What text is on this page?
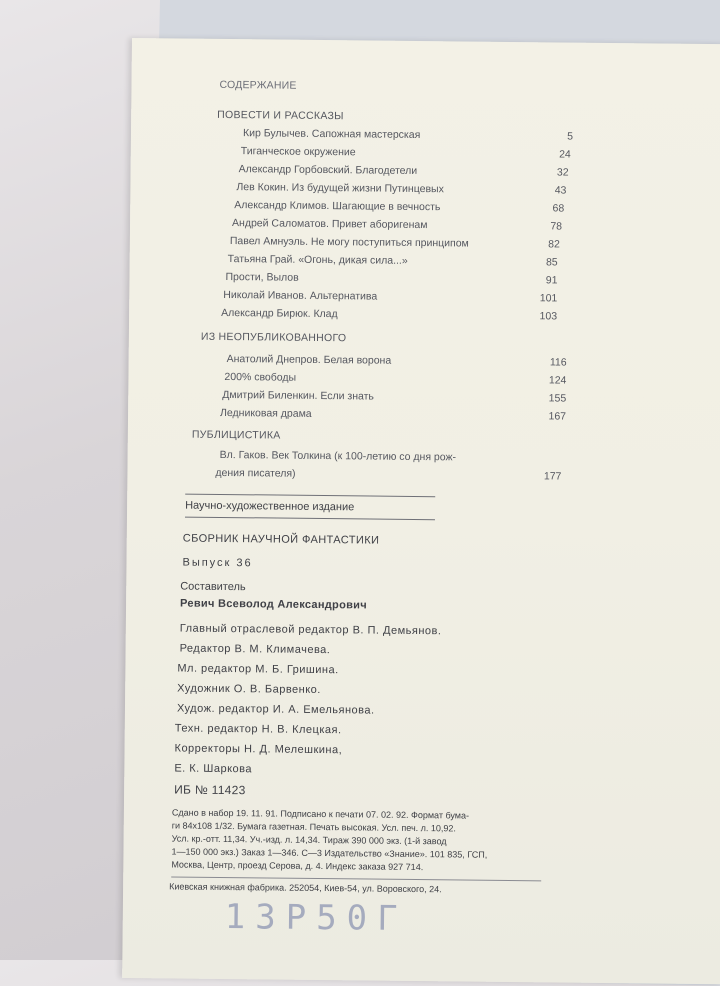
СОДЕРЖАНИЕ
ПОВЕСТИ И РАССКАЗЫ
Кир Булычев. Сапожная мастерская	5
Тиганческое окружение	24
Александр Горбовский. Благодетели	32
Лев Кокин. Из будущей жизни Путинцевых	43
Александр Климов. Шагающие в вечность	68
Андрей Саломатов. Привет аборигенам	78
Павел Амнуэль. Не могу поступиться принципом	82
Татьяна Грай. «Огонь, дикая сила...»	85
Прости, Вылов	91
Николай Иванов. Альтернатива	101
Александр Бирюк. Клад	103
ИЗ НЕОПУБЛИКОВАННОГО
Анатолий Днепров. Белая ворона	116
200% свободы	124
Дмитрий Биленкин. Если знать	155
Ледниковая драма	167
ПУБЛИЦИСТИКА
Вл. Гаков. Век Толкина (к 100-летию со дня рож-
дения писателя)	177
Научно-художественное издание
СБОРНИК НАУЧНОЙ ФАНТАСТИКИ
Выпуск 36
Составитель
Ревич Всеволод Александрович
Главный отраслевой редактор В. П. Демьянов.
Редактор В. М. Климачева.
Мл. редактор М. Б. Гришина.
Художник О. В. Барвенко.
Худож. редактор И. А. Емельянова.
Техн. редактор Н. В. Клецкая.
Корректоры Н. Д. Мелешкина,
Е. К. Шаркова
ИБ № 11423
Сдано в набор 19. 11. 91. Подписано к печати 07. 02. 92. Формат бума-
ги 84х108 1/32. Бумага газетная. Печать высокая. Усл. печ. л. 10,92.
Усл. кр.-отт. 11,34. Уч.-изд. л. 14,34. Тираж 390 000 экз. (1-й завод
1—150 000 экз.) Заказ 1—346. С—3 Издательство «Знание». 101 835, ГСП,
Москва, Центр, проезд Серова, д. 4. Индекс заказа 927 714.
Киевская книжная фабрика. 252054, Киев-54, ул. Воровского, 24.
13Р50Г
